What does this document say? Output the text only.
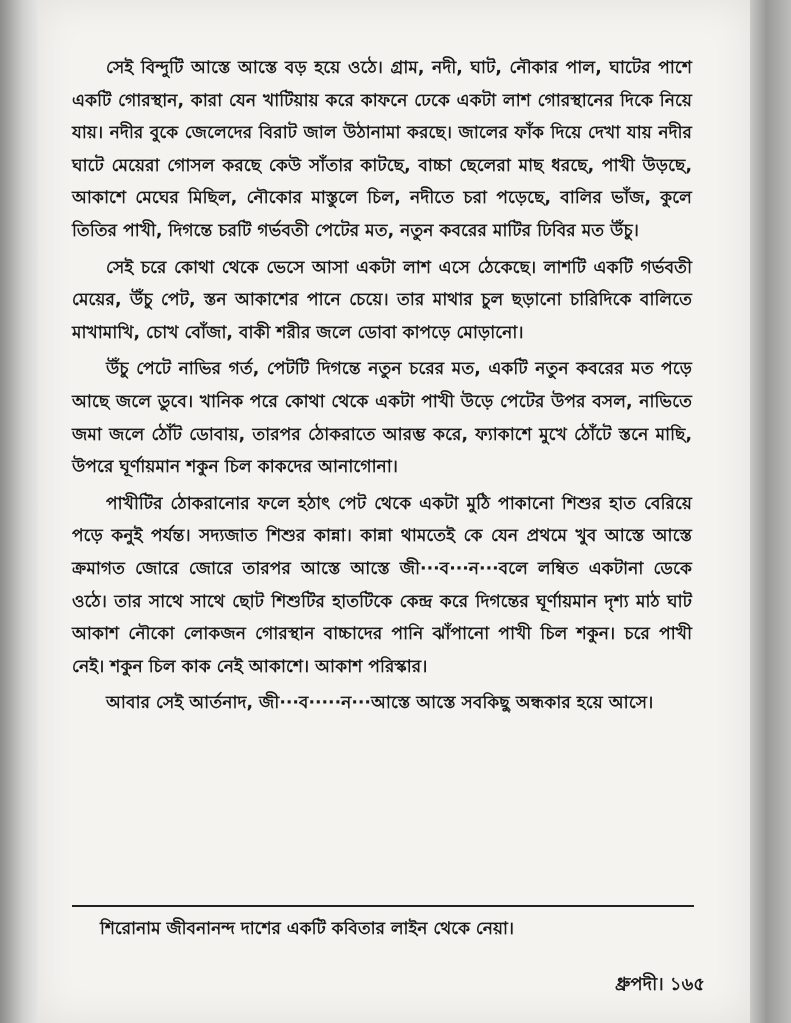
সেই বিন্দুটি আস্তে আস্তে বড় হয়ে ওঠে। গ্রাম, নদী, ঘাট, নৌকার পাল, ঘাটের পাশে একটি গোরস্থান, কারা যেন খাটিয়ায় করে কাফনে ঢেকে একটা লাশ গোরস্থানের দিকে নিয়ে যায়। নদীর বুকে জেলেদের বিরাট জাল উঠানামা করছে। জালের ফাঁক দিয়ে দেখা যায় নদীর ঘাটে মেয়েরা গোসল করছে কেউ সাঁতার কাটছে, বাচ্চা ছেলেরা মাছ ধরছে, পাখী উড়ছে, আকাশে মেঘের মিছিল, নৌকোর মাস্তুলে চিল, নদীতে চরা পড়েছে, বালির ভাঁজ, কুলে তিতির পাখী, দিগন্তে চরটি গর্ভবতী পেটের মত, নতুন কবরের মাটির ঢিবির মত উঁচু।

সেই চরে কোথা থেকে ভেসে আসা একটা লাশ এসে ঠেকেছে। লাশটি একটি গর্ভবতী মেয়ের, উঁচু পেট, স্তন আকাশের পানে চেয়ে। তার মাথার চুল ছড়ানো চারিদিকে বালিতে মাখামাখি, চোখ বোঁজা, বাকী শরীর জলে ডোবা কাপড়ে মোড়ানো।

উঁচু পেটে নাভির গর্ত, পেটটি দিগন্তে নতুন চরের মত, একটি নতুন কবরের মত পড়ে আছে জলে ডুবে। খানিক পরে কোথা থেকে একটা পাখী উড়ে পেটের উপর বসল, নাভিতে জমা জলে ঠোঁট ডোবায়, তারপর ঠোকরাতে আরম্ভ করে, ফ্যাকাশে মুখে ঠোঁটে স্তনে মাছি, উপরে ঘূর্ণায়মান শকুন চিল কাকদের আনাগোনা।

পাখীটির ঠোকরানোর ফলে হঠাৎ পেট থেকে একটা মুঠি পাকানো শিশুর হাত বেরিয়ে পড়ে কনুই পর্যন্ত। সদ্যজাত শিশুর কান্না। কান্না থামতেই কে যেন প্রথমে খুব আস্তে আস্তে ক্রমাগত জোরে জোরে তারপর আস্তে আস্তে জী···ব···ন···বলে লম্বিত একটানা ডেকে ওঠে। তার সাথে সাথে ছোট শিশুটির হাতটিকে কেন্দ্র করে দিগন্তের ঘূর্ণায়মান দৃশ্য মাঠ ঘাট আকাশ নৌকো লোকজন গোরস্থান বাচ্চাদের পানি ঝাঁপানো পাখী চিল শকুন। চরে পাখী নেই। শকুন চিল কাক নেই আকাশে। আকাশ পরিস্কার।

আবার সেই আর্তনাদ, জী···ব·····ন···আস্তে আস্তে সবকিছু অন্ধকার হয়ে আসে।

শিরোনাম জীবনানন্দ দাশের একটি কবিতার লাইন থেকে নেয়া।
ধ্রুপদী। ১৬৫
